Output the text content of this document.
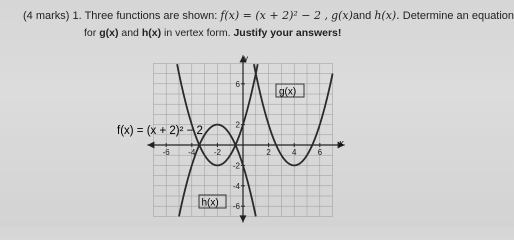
(4 marks) 1. Three functions are shown: f(x) = (x + 2)² − 2 , g(x)and h(x). Determine an equation
for g(x) and h(x) in vertex form. Justify your answers!
-6 -4 -2	2	4	6
6
2
-2
-4
-6
y
x
f(x) = (x + 2)² − 2
g(x)
h(x)
